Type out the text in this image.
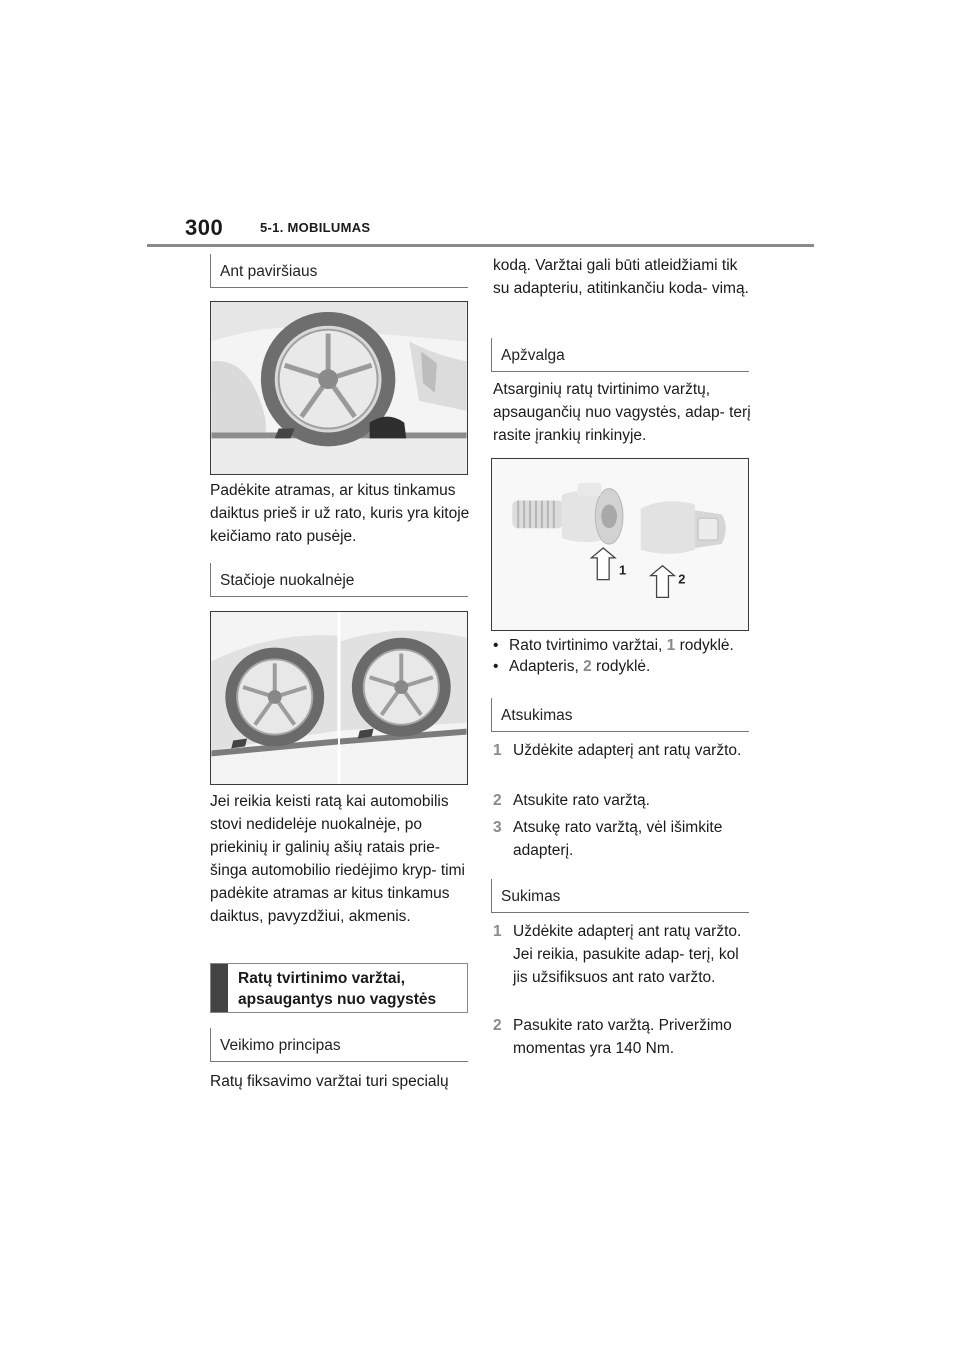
300	5-1. MOBILUMAS
Ant paviršiaus

Padėkite atramas, ar kitus tinkamus daiktus prieš ir už rato, kuris yra kitoje keičiamo rato pusėje.

Stačioje nuokalnėje

Jei reikia keisti ratą kai automobilis stovi nedidelėje nuokalnėje, po priekinių ir galinių ašių ratais prie- šinga automobilio riedėjimo kryp- timi padėkite atramas ar kitus tinkamus daiktus, pavyzdžiui, akmenis.

Ratų tvirtinimo varžtai, apsaugantys nuo vagystės
Veikimo principas

Ratų fiksavimo varžtai turi specialų

kodą. Varžtai gali būti atleidžiami tik su adapteriu, atitinkančiu koda- vimą.

Apžvalga

Atsarginių ratų tvirtinimo varžtų, apsaugančių nuo vagystės, adap- terį rasite įrankių rinkinyje.

1
2
• Rato tvirtinimo varžtai, 1 rodyklė.
• Adapteris, 2 rodyklė.
Atsukimas
1 Uždėkite adapterį ant ratų varžto.
2 Atsukite rato varžtą.
3 Atsukę rato varžtą, vėl išimkite adapterį.
Sukimas
1 Uždėkite adapterį ant ratų varžto. Jei reikia, pasukite adap- terį, kol jis užsifiksuos ant rato varžto.
2 Pasukite rato varžtą. Priveržimo momentas yra 140 Nm.
